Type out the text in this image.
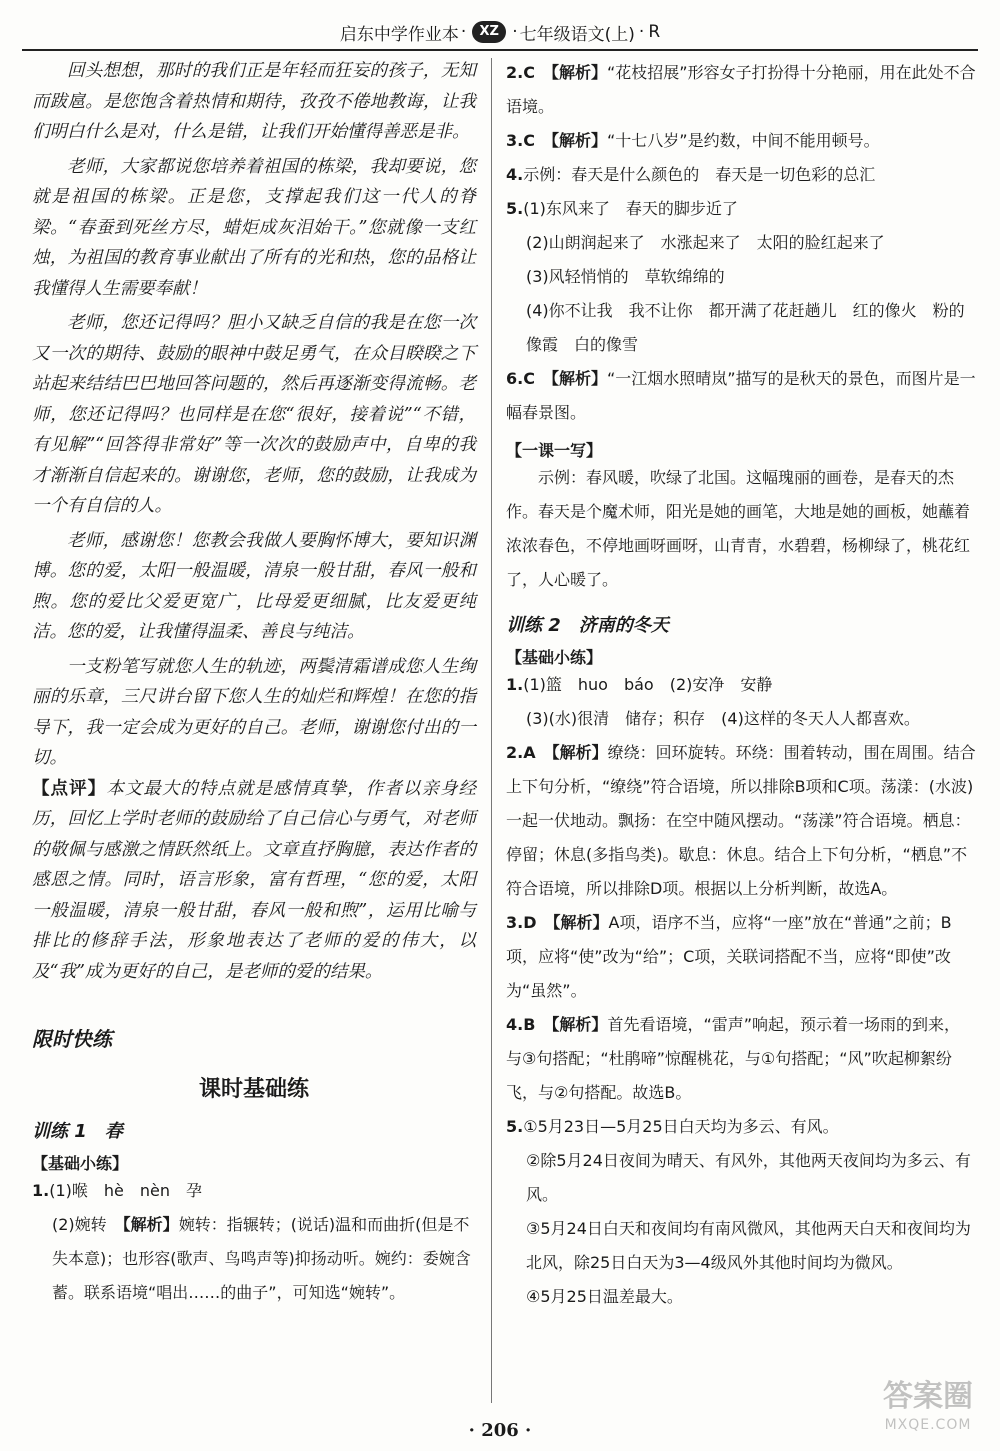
启东中学作业本 ·	XZ · 七年级语文(上) · R

回头想想，那时的我们正是年轻而狂妄的孩子，无知而跋扈。是您饱含着热情和期待，孜孜不倦地教诲，让我们明白什么是对，什么是错，让我们开始懂得善恶是非。

老师，大家都说您培养着祖国的栋梁，我却要说，您就是祖国的栋梁。正是您，支撑起我们这一代人的脊梁。“春蚕到死丝方尽，蜡炬成灰泪始干。”您就像一支红烛，为祖国的教育事业献出了所有的光和热，您的品格让我懂得人生需要奉献！

老师，您还记得吗？胆小又缺乏自信的我是在您一次又一次的期待、鼓励的眼神中鼓足勇气，在众目睽睽之下站起来结结巴巴地回答问题的，然后再逐渐变得流畅。老师，您还记得吗？也同样是在您“很好，接着说”“不错，有见解”“回答得非常好”等一次次的鼓励声中，自卑的我才渐渐自信起来的。谢谢您，老师，您的鼓励，让我成为一个有自信的人。

老师，感谢您！您教会我做人要胸怀博大，要知识渊博。您的爱，太阳一般温暖，清泉一般甘甜，春风一般和煦。您的爱比父爱更宽广，比母爱更细腻，比友爱更纯洁。您的爱，让我懂得温柔、善良与纯洁。

一支粉笔写就您人生的轨迹，两鬓清霜谱成您人生绚丽的乐章，三尺讲台留下您人生的灿烂和辉煌！在您的指导下，我一定会成为更好的自己。老师，谢谢您付出的一切。

【点评】本文最大的特点就是感情真挚，作者以亲身经历，回忆上学时老师的鼓励给了自己信心与勇气，对老师的敬佩与感激之情跃然纸上。文章直抒胸臆，表达作者的感恩之情。同时，语言形象，富有哲理，“您的爱，太阳一般温暖，清泉一般甘甜，春风一般和煦”，运用比喻与排比的修辞手法，形象地表达了老师的爱的伟大，以及“我”成为更好的自己，是老师的爱的结果。

限时快练

课时基础练

训练 1　春

【基础小练】

1.(1)喉　hè　nèn　孕

(2)婉转　【解析】婉转：指辗转；(说话)温和而曲折(但是不失本意)；也形容(歌声、鸟鸣声等)抑扬动听。婉约：委婉含蓄。联系语境“唱出……的曲子”，可知选“婉转”。

2.C　【解析】“花枝招展”形容女子打扮得十分艳丽，用在此处不合语境。

3.C　【解析】“十七八岁”是约数，中间不能用顿号。

4.示例：春天是什么颜色的　春天是一切色彩的总汇

5.(1)东风来了　春天的脚步近了

(2)山朗润起来了　水涨起来了　太阳的脸红起来了

(3)风轻悄悄的　草软绵绵的

(4)你不让我　我不让你　都开满了花赶趟儿　红的像火　粉的像霞　白的像雪

6.C　【解析】“一江烟水照晴岚”描写的是秋天的景色，而图片是一幅春景图。

【一课一写】

示例：春风暖，吹绿了北国。这幅瑰丽的画卷，是春天的杰作。春天是个魔术师，阳光是她的画笔，大地是她的画板，她蘸着浓浓春色，不停地画呀画呀，山青青，水碧碧，杨柳绿了，桃花红了，人心暖了。

训练 2　济南的冬天

【基础小练】

1.(1)篮　huo　báo　(2)安净　安静

(3)(水)很清　储存；积存　(4)这样的冬天人人都喜欢。

2.A　【解析】缭绕：回环旋转。环绕：围着转动，围在周围。结合上下句分析，“缭绕”符合语境，所以排除B项和C项。荡漾：(水波)一起一伏地动。飘扬：在空中随风摆动。“荡漾”符合语境。栖息：停留；休息(多指鸟类)。歇息：休息。结合上下句分析，“栖息”不符合语境，所以排除D项。根据以上分析判断，故选A。

3.D　【解析】A项，语序不当，应将“一座”放在“普通”之前；B项，应将“使”改为“给”；C项，关联词搭配不当，应将“即使”改为“虽然”。

4.B　【解析】首先看语境，“雷声”响起，预示着一场雨的到来，与③句搭配；“杜鹃啼”惊醒桃花，与①句搭配；“风”吹起柳絮纷飞，与②句搭配。故选B。

5.①5月23日—5月25日白天均为多云、有风。

②除5月24日夜间为晴天、有风外，其他两天夜间均为多云、有风。

③5月24日白天和夜间均有南风微风，其他两天白天和夜间均为北风，除25日白天为3—4级风外其他时间均为微风。

④5月25日温差最大。

· 206 ·
答案圈
MXQE.COM
